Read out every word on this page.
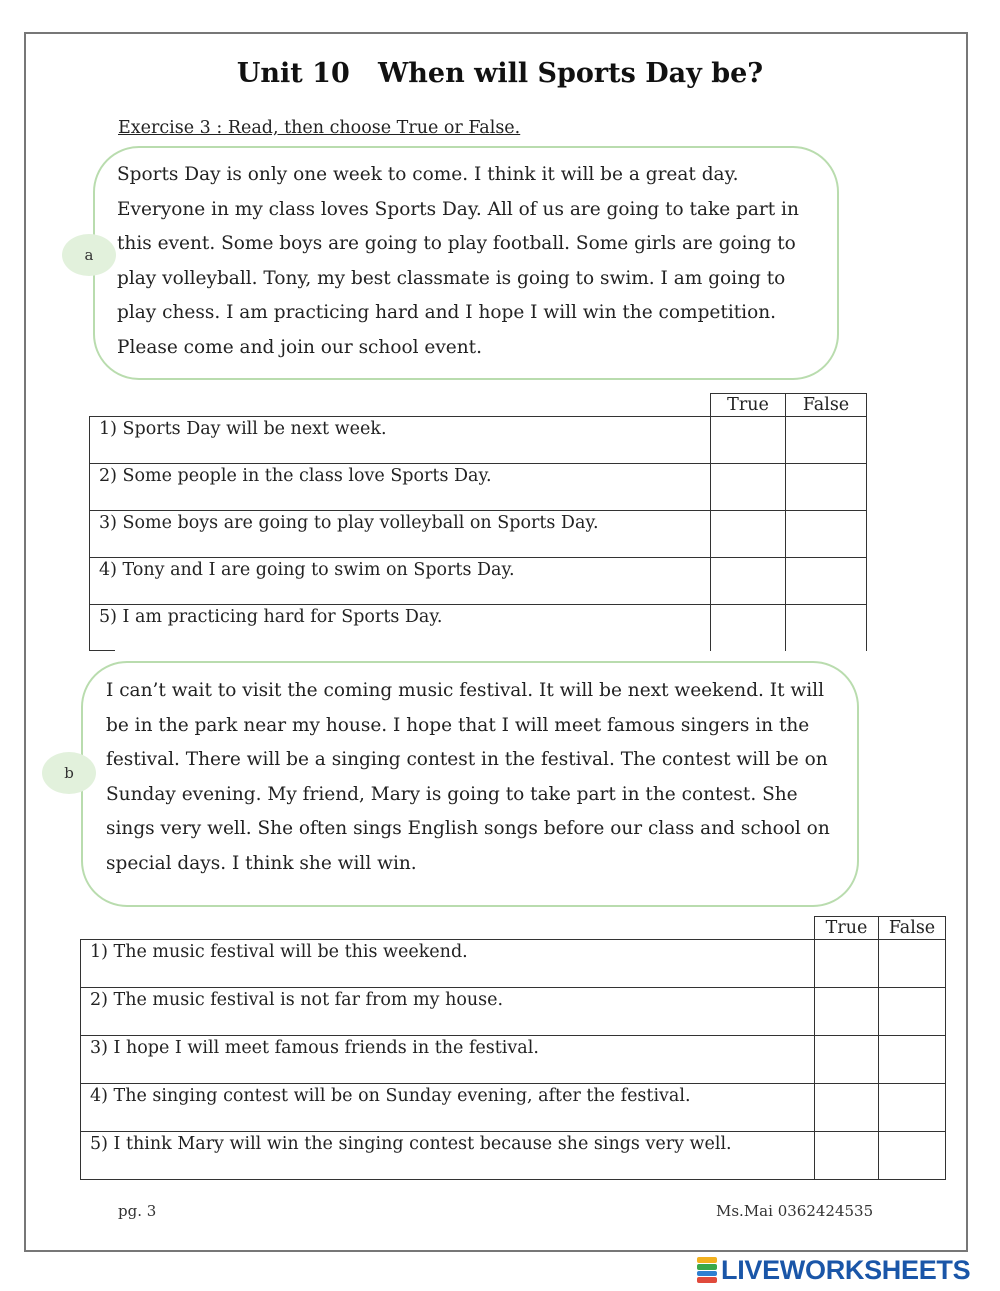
Unit 10 When will Sports Day be?
Exercise 3 : Read, then choose True or False.
a

Sports Day is only one week to come. I think it will be a great day.

Everyone in my class loves Sports Day. All of us are going to take part in

this event. Some boys are going to play football. Some girls are going to

play volleyball. Tony, my best classmate is going to swim. I am going to

play chess. I am practicing hard and I hope I will win the competition.

Please come and join our school event.

	True	False
1) Sports Day will be next week.		
2) Some people in the class love Sports Day.		
3) Some boys are going to play volleyball on Sports Day.		
4) Tony and I are going to swim on Sports Day.		
5) I am practicing hard for Sports Day.		
b

I can’t wait to visit the coming music festival. It will be next weekend. It will

be in the park near my house. I hope that I will meet famous singers in the

festival. There will be a singing contest in the festival. The contest will be on

Sunday evening. My friend, Mary is going to take part in the contest. She

sings very well. She often sings English songs before our class and school on

special days. I think she will win.

	True	False
1) The music festival will be this weekend.		
2) The music festival is not far from my house.		
3) I hope I will meet famous friends in the festival.		
4) The singing contest will be on Sunday evening, after the festival.		
5) I think Mary will win the singing contest because she sings very well.		
pg. 3	Ms.Mai 0362424535
LIVEWORKSHEETS
